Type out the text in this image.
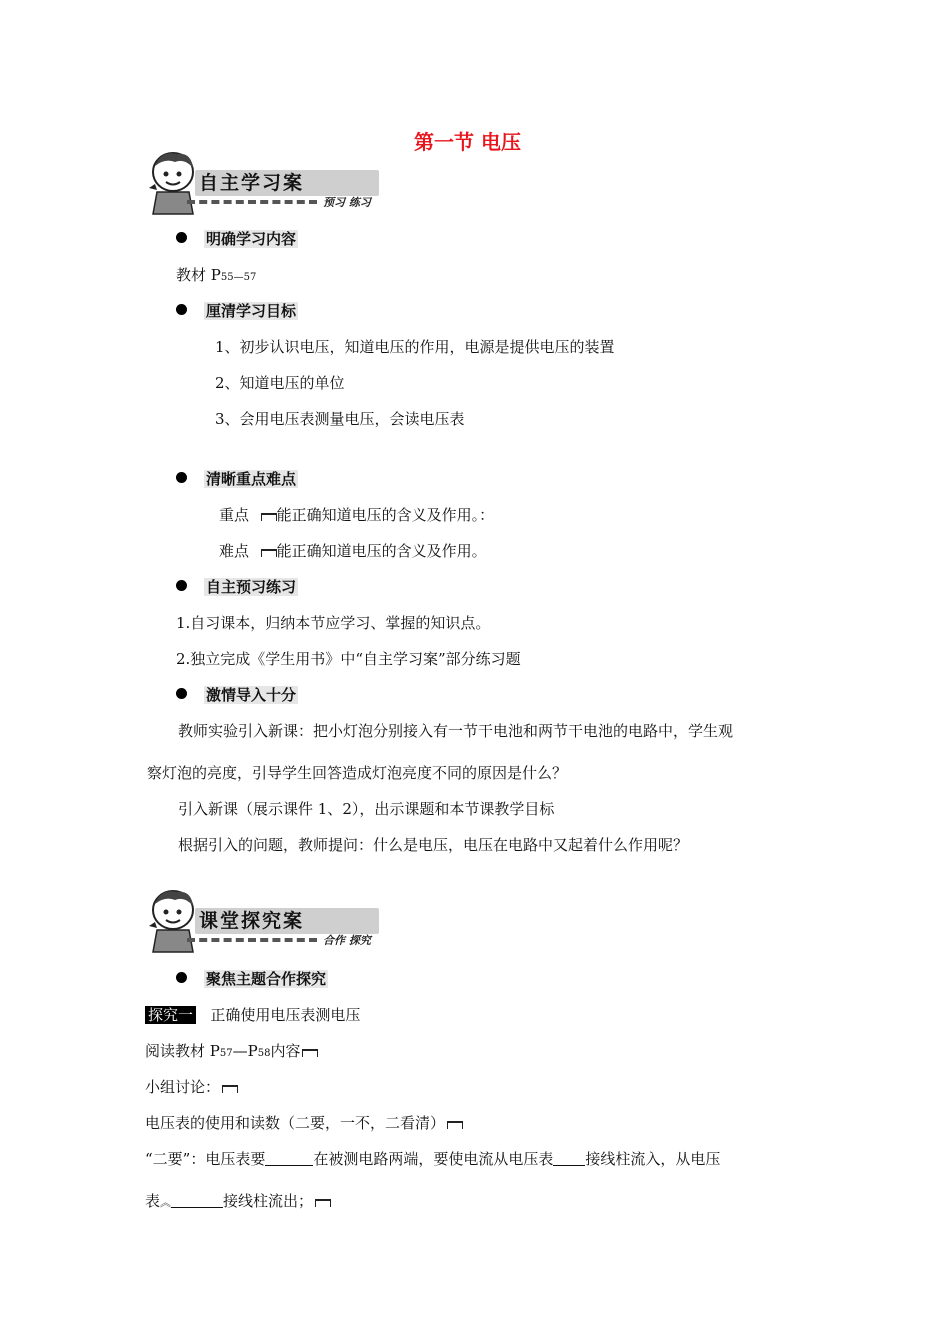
第一节 电压
自主学习案
预习 练习
明确学习内容
教材 P55—57
厘清学习目标
1、初步认识电压，知道电压的作用，电源是提供电压的装置
2、知道电压的单位
3、会用电压表测量电压，会读电压表
清晰重点难点
重点 能正确知道电压的含义及作用。：
难点 能正确知道电压的含义及作用。
自主预习练习
1.自习课本，归纳本节应学习、掌握的知识点。
2.独立完成《学生用书》中“自主学习案”部分练习题
激情导入十分
教师实验引入新课：把小灯泡分别接入有一节干电池和两节干电池的电路中，学生观
察灯泡的亮度，引导学生回答造成灯泡亮度不同的原因是什么？
引入新课（展示课件 1、2），出示课题和本节课教学目标
根据引入的问题，教师提问：什么是电压，电压在电路中又起着什么作用呢？
课堂探究案
合作 探究
聚焦主题合作探究
探究一 正确使用电压表测电压
阅读教材 P57—P58内容
小组讨论：
电压表的使用和读数（二要，一不，二看清）
“二要”：电压表要	在被测电路两端，要使电流从电压表 接线柱流入，从电压
表︽	接线柱流出；
